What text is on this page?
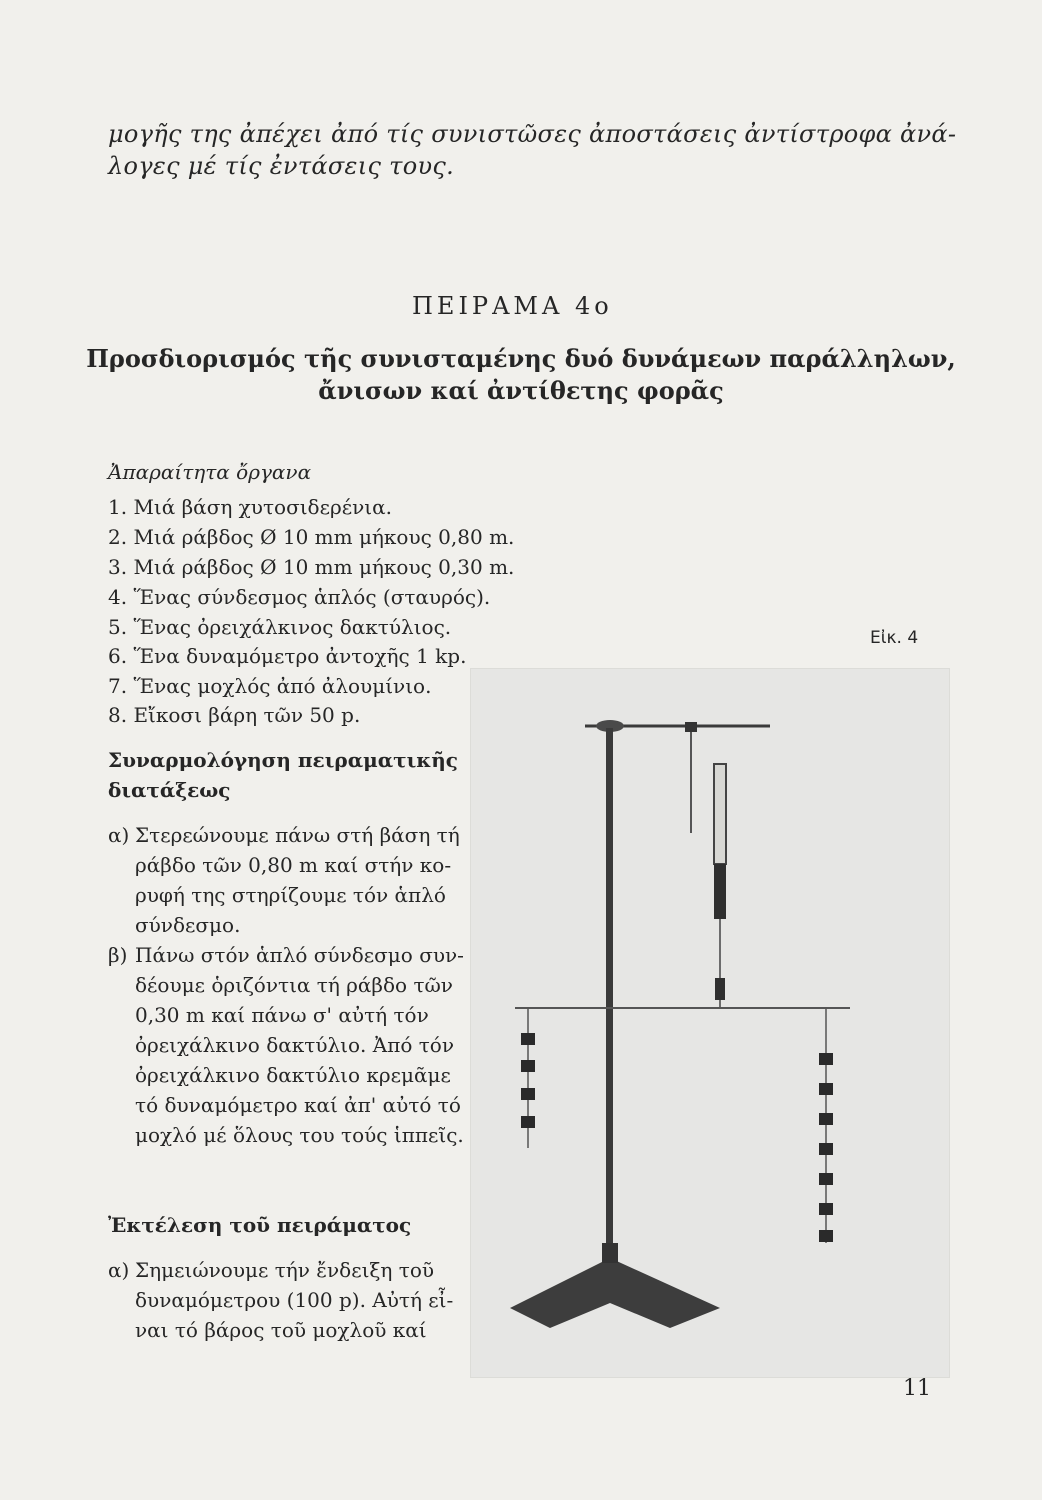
μογῆς της ἀπέχει ἀπό τίς συνιστῶσες ἀποστάσεις ἀντίστροφα ἀνά-
λογες μέ τίς ἐντάσεις τους.
ΠΕΙΡΑΜΑ 4ο
Προσδιορισμός τῆς συνισταμένης δυό δυνάμεων παράλληλων,
ἄνισων καί ἀντίθετης φορᾶς
Ἀπαραίτητα ὄργανα
1. Μιά βάση χυτοσιδερένια.
2. Μιά ράβδος Ø 10 mm μήκους 0,80 m.
3. Μιά ράβδος Ø 10 mm μήκους 0,30 m.
4. Ἕνας σύνδεσμος ἁπλός (σταυρός).
5. Ἕνας ὀρειχάλκινος δακτύλιος.
6. Ἕνα δυναμόμετρο ἀντοχῆς 1 kp.
7. Ἕνας μοχλός ἀπό ἀλουμίνιο.
8. Εἴκοσι βάρη τῶν 50 p.
Εἰκ. 4
Συναρμολόγηση πειραματικῆς
διατάξεως
α) Στερεώνουμε πάνω στή βάση τή
ράβδο τῶν 0,80 m καί στήν κο-
ρυφή της στηρίζουμε τόν ἁπλό
σύνδεσμο.
β) Πάνω στόν ἁπλό σύνδεσμο συν-
δέουμε ὁριζόντια τή ράβδο τῶν
0,30 m καί πάνω σ' αὐτή τόν
ὀρειχάλκινο δακτύλιο. Ἀπό τόν
ὀρειχάλκινο δακτύλιο κρεμᾶμε
τό δυναμόμετρο καί ἀπ' αὐτό τό
μοχλό μέ ὅλους του τούς ἱππεῖς.
Ἐκτέλεση τοῦ πειράματος
α) Σημειώνουμε τήν ἔνδειξη τοῦ
δυναμόμετρου (100 p). Αὐτή εἶ-
ναι τό βάρος τοῦ μοχλοῦ καί
11
